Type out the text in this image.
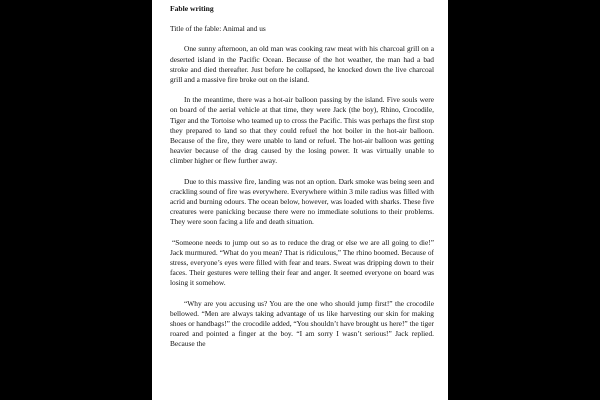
Fable writing
Title of the fable: Animal and us

One sunny afternoon, an old man was cooking raw meat with his charcoal grill on a deserted island in the Pacific Ocean. Because of the hot weather, the man had a bad stroke and died thereafter. Just before he collapsed, he knocked down the live charcoal grill and a massive fire broke out on the island.

In the meantime, there was a hot-air balloon passing by the island. Five souls were on board of the aerial vehicle at that time, they were Jack (the boy), Rhino, Crocodile, Tiger and the Tortoise who teamed up to cross the Pacific. This was perhaps the first stop they prepared to land so that they could refuel the hot boiler in the hot-air balloon. Because of the fire, they were unable to land or refuel. The hot-air balloon was getting heavier because of the drag caused by the losing power. It was virtually unable to climber higher or flew further away.

Due to this massive fire, landing was not an option. Dark smoke was being seen and crackling sound of fire was everywhere. Everywhere within 3 mile radius was filled with acrid and burning odours. The ocean below, however, was loaded with sharks. These five creatures were panicking because there were no immediate solutions to their problems. They were soon facing a life and death situation.

“Someone needs to jump out so as to reduce the drag or else we are all going to die!” Jack murmured. “What do you mean? That is ridiculous,” The rhino boomed. Because of stress, everyone’s eyes were filled with fear and tears. Sweat was dripping down to their faces. Their gestures were telling their fear and anger. It seemed everyone on board was losing it somehow.

“Why are you accusing us? You are the one who should jump first!” the crocodile bellowed. “Men are always taking advantage of us like harvesting our skin for making shoes or handbags!” the crocodile added, “You shouldn’t have brought us here!” the tiger roared and pointed a finger at the boy. “I am sorry I wasn’t serious!” Jack replied. Because the
